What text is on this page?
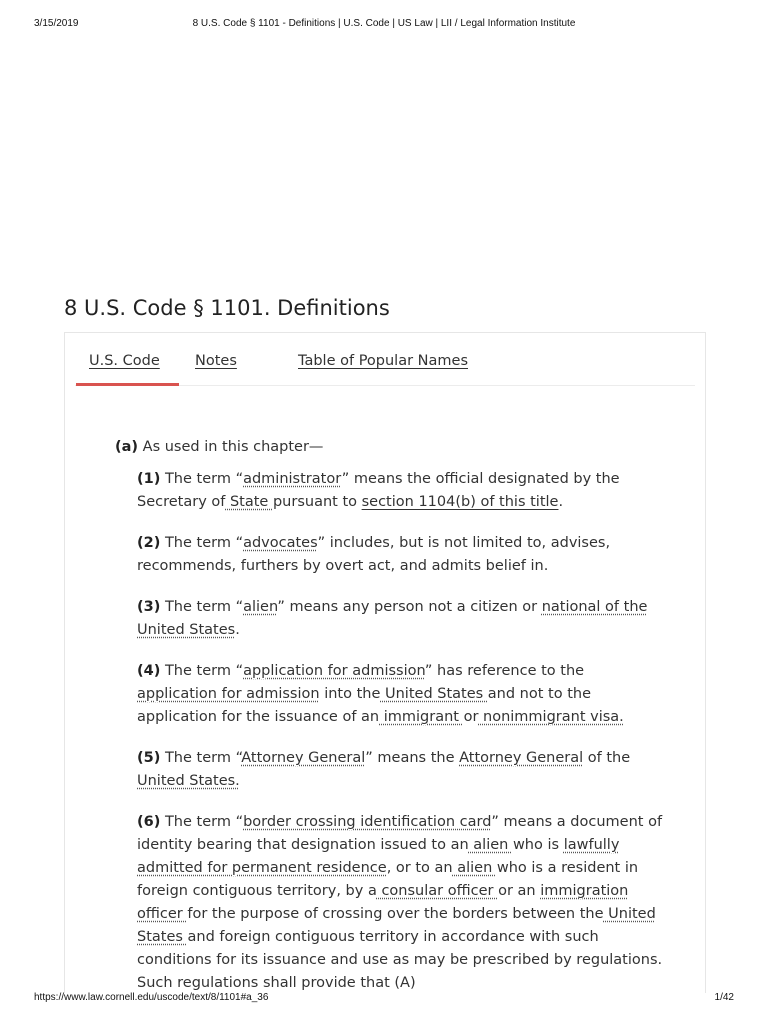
3/15/2019	8 U.S. Code § 1101 - Definitions | U.S. Code | US Law | LII / Legal Information Institute
8 U.S. Code § 1101. Definitions
U.S. Code Notes	Table of Popular Names

(a) As used in this chapter—

(1) The term “administrator” means the official designated by the Secretary of State pursuant to section 1104(b) of this title.

(2) The term “advocates” includes, but is not limited to, advises, recommends, furthers by overt act, and admits belief in.

(3) The term “alien” means any person not a citizen or national of the United States.

(4) The term “application for admission” has reference to the application for admission into the United States and not to the application for the issuance of an immigrant or nonimmigrant visa.

(5) The term “Attorney General” means the Attorney General of the United States.

(6) The term “border crossing identification card” means a document of identity bearing that designation issued to an alien who is lawfully admitted for permanent residence, or to an alien who is a resident in foreign contiguous territory, by a consular officer or an immigration officer for the purpose of crossing over the borders between the United States and foreign contiguous territory in accordance with such conditions for its issuance and use as may be prescribed by regulations. Such regulations shall provide that (A)

https://www.law.cornell.edu/uscode/text/8/1101#a_36	1/42
